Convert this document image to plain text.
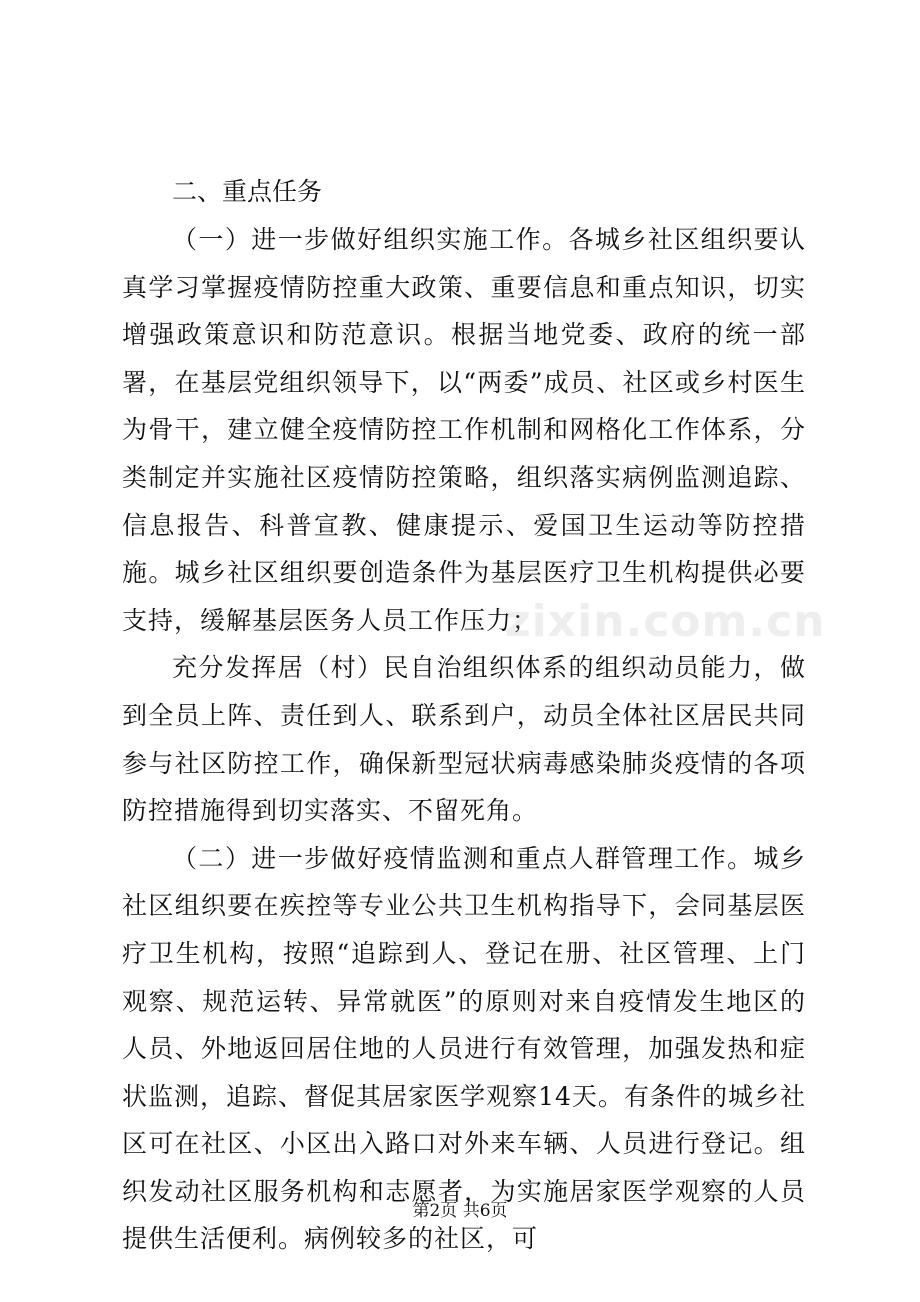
二、重点任务

（一）进一步做好组织实施工作。各城乡社区组织要认真学习掌握疫情防控重大政策、重要信息和重点知识，切实增强政策意识和防范意识。根据当地党委、政府的统一部署，在基层党组织领导下，以“两委”成员、社区或乡村医生为骨干，建立健全疫情防控工作机制和网格化工作体系，分类制定并实施社区疫情防控策略，组织落实病例监测追踪、信息报告、科普宣教、健康提示、爱国卫生运动等防控措施。城乡社区组织要创造条件为基层医疗卫生机构提供必要支持，缓解基层医务人员工作压力；

充分发挥居（村）民自治组织体系的组织动员能力，做到全员上阵、责任到人、联系到户，动员全体社区居民共同参与社区防控工作，确保新型冠状病毒感染肺炎疫情的各项防控措施得到切实落实、不留死角。

（二）进一步做好疫情监测和重点人群管理工作。城乡社区组织要在疾控等专业公共卫生机构指导下，会同基层医疗卫生机构，按照“追踪到人、登记在册、社区管理、上门观察、规范运转、异常就医”的原则对来自疫情发生地区的人员、外地返回居住地的人员进行有效管理，加强发热和症状监测，追踪、督促其居家医学观察14天。有条件的城乡社区可在社区、小区出入路口对外来车辆、人员进行登记。组织发动社区服务机构和志愿者，为实施居家医学观察的人员提供生活便利。病例较多的社区，可

zixin.com.cn
第2页 共6页
